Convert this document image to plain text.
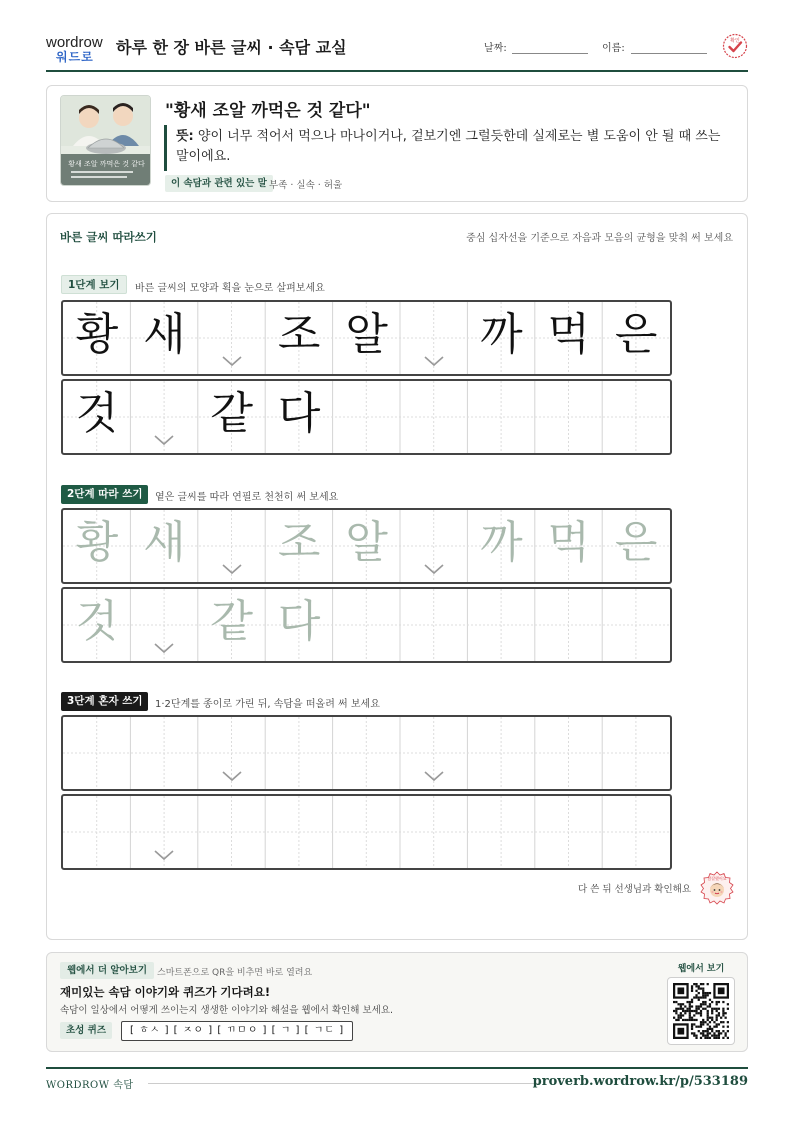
wordrow
워드로 하루 한 장 바른 글씨 · 속담 교실	날짜:	이름:
확인
황새 조알 까먹은 것 같다
"황새 조알 까먹은 것 같다"
뜻: 양이 너무 적어서 먹으나 마나이거나, 겉보기엔 그럴듯한데 실제로는 별 도움이 안 될 때 쓰는 말이에요.
이 속담과 관련 있는 말 부족 · 실속 · 허울
바른 글씨 따라쓰기	중심 십자선을 기준으로 자음과 모음의 균형을 맞춰 써 보세요
1단계 보기	바른 글씨의 모양과 획을 눈으로 살펴보세요
황 새 조 알 까 먹 은
것 같 다
2단계 따라 쓰기	옅은 글씨를 따라 연필로 천천히 써 보세요
황 새 조 알 까 먹 은
것 같 다
3단계 혼자 쓰기	1·2단계를 종이로 가린 뒤, 속담을 떠올려 써 보세요
다 쓴 뒤 선생님과 확인해요
참잘했어요
웹에서 더 알아보기	스마트폰으로 QR을 비추면 바로 열려요
재미있는 속담 이야기와 퀴즈가 기다려요!
속담이 일상에서 어떻게 쓰이는지 생생한 이야기와 해설을 웹에서 확인해 보세요.
초성 퀴즈	[ ㅎㅅ ] [ ㅈㅇ ] [ ㄲㅁㅇ ] [ ㄱ ] [ ㄱㄷ ]
웹에서 보기
WORDROW 속담	proverb.wordrow.kr/p/533189
